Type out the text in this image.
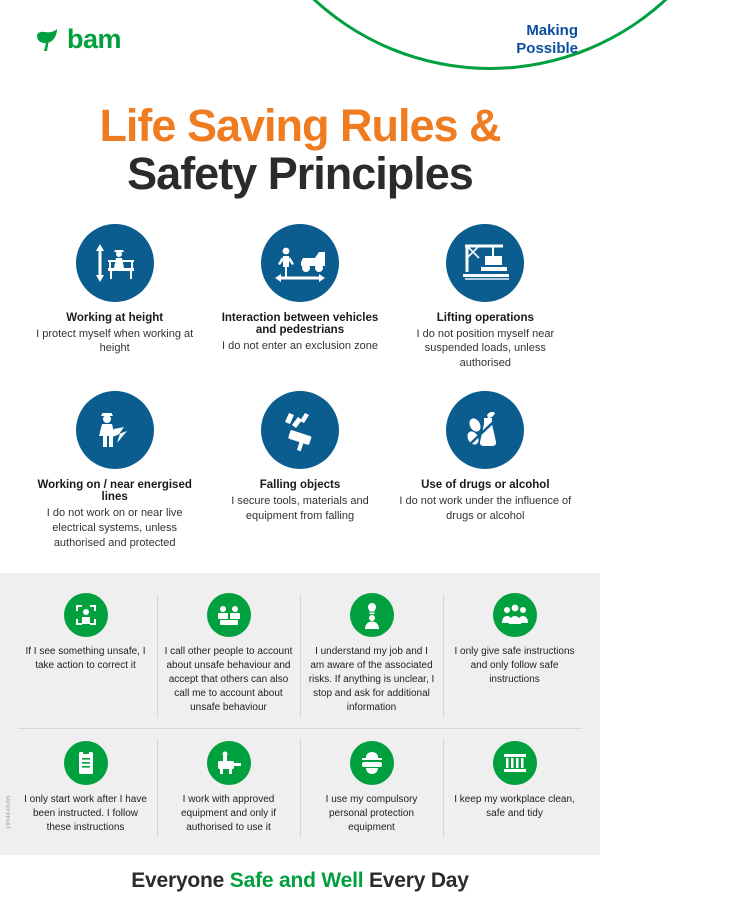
bam	Making
Possible
Life Saving Rules &
Safety Principles
Working at height
I protect myself when working at height
Interaction between vehicles and pedestrians
I do not enter an exclusion zone
Lifting operations
I do not position myself near suspended loads, unless authorised
Working on / near energised lines
I do not work on or near live electrical systems, unless authorised and protected
Falling objects
I secure tools, materials and equipment from falling
Use of drugs or alcohol
I do not work under the influence of drugs or alcohol
If I see something unsafe, I take action to correct it
I call other people to account about unsafe behaviour and accept that others can also call me to account about unsafe behaviour
I understand my job and I am aware of the associated risks. If anything is unclear, I stop and ask for additional information
I only give safe instructions and only follow safe instructions
I only start work after I have been instructed. I follow these instructions
I work with approved equipment and only if authorised to use it
I use my compulsory personal protection equipment
I keep my workplace clean, safe and tidy
Everyone Safe and Well Every Day
1994648/05
